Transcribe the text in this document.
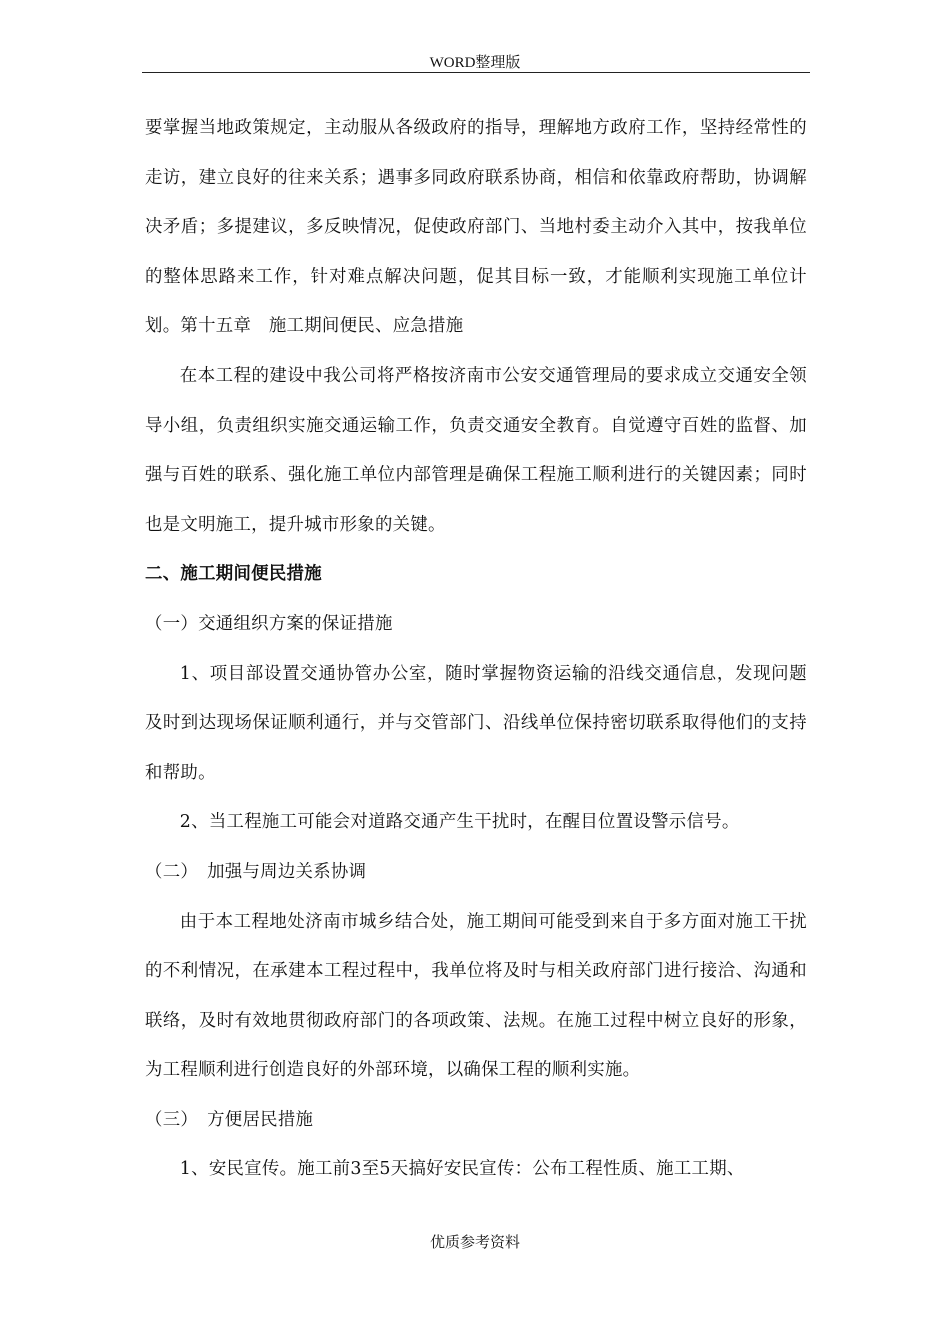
WORD整理版

要掌握当地政策规定，主动服从各级政府的指导，理解地方政府工作，坚持经常性的走访，建立良好的往来关系；遇事多同政府联系协商，相信和依靠政府帮助，协调解决矛盾；多提建议，多反映情况，促使政府部门、当地村委主动介入其中，按我单位的整体思路来工作，针对难点解决问题，促其目标一致，才能顺利实现施工单位计划。第十五章　施工期间便民、应急措施

在本工程的建设中我公司将严格按济南市公安交通管理局的要求成立交通安全领导小组，负责组织实施交通运输工作，负责交通安全教育。自觉遵守百姓的监督、加强与百姓的联系、强化施工单位内部管理是确保工程施工顺利进行的关键因素；同时也是文明施工，提升城市形象的关键。

二、施工期间便民措施

（一）交通组织方案的保证措施

1、项目部设置交通协管办公室，随时掌握物资运输的沿线交通信息，发现问题及时到达现场保证顺利通行，并与交管部门、沿线单位保持密切联系取得他们的支持和帮助。

2、当工程施工可能会对道路交通产生干扰时，在醒目位置设警示信号。

（二）　加强与周边关系协调

由于本工程地处济南市城乡结合处，施工期间可能受到来自于多方面对施工干扰的不利情况，在承建本工程过程中，我单位将及时与相关政府部门进行接洽、沟通和联络，及时有效地贯彻政府部门的各项政策、法规。在施工过程中树立良好的形象，为工程顺利进行创造良好的外部环境，以确保工程的顺利实施。

（三）　方便居民措施

1、安民宣传。施工前3至5天搞好安民宣传：公布工程性质、施工工期、

优质参考资料
